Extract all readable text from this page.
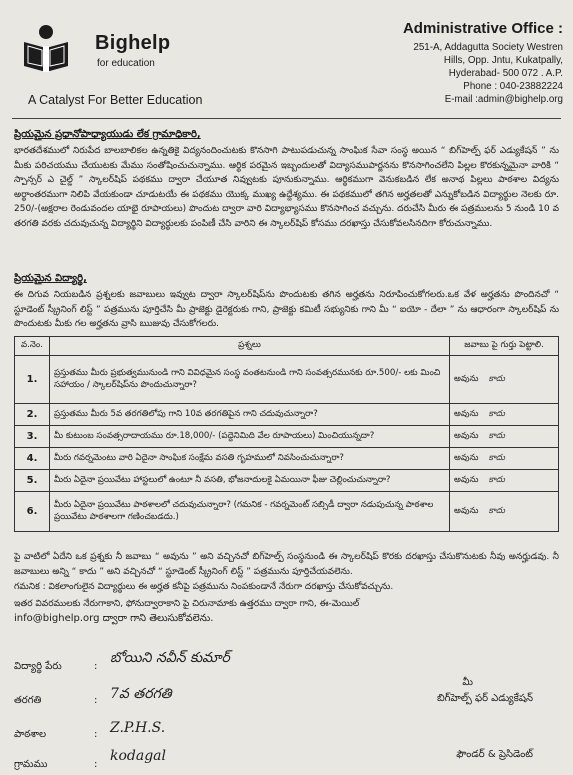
Bighelp
for education
A Catalyst For Better Education
Administrative Office :
251-A, Addagutta Society Westren
Hills, Opp. Jntu, Kukatpally,
Hyderabad- 500 072 . A.P.
Phone : 040-23882224
E-mail :admin@bighelp.org
ప్రియమైన ప్రధానోపాధ్యాయుడు లేక గ్రామాధికారి,
భారతదేశములో నిరుపేద బాలబాలికల ఉన్నతికై విద్యనందించుటకు కొనసాగి పాటుపడుచున్న సాంఘిక సేవా సంస్థ అయిన “ బిగ్‌హెల్ప్ ఫర్ ఎడ్యుకేషన్ ” ను మీకు పరిచయము చేయుటకు మేము సంతోషించుచున్నాము. ఆర్థిక పరమైన ఇబ్బందులతో విద్యాసముపార్జనను కొనసాగించలేని పిల్లల కొరకున్నమైనా వారికి “ స్పాన్సర్ ఎ చైల్డ్ ” స్కాలర్‌షిప్ పథకము ద్వారా చేయూత నివ్వుటకు పూనుకున్నాము. ఆర్థికముగా వెనుకబడిన లేక అనాథ పిల్లలు పాఠశాల విద్యను అర్థాంతరముగా నిలిపి వేయకుండా చూడుటయే ఈ పథకము యొక్క ముఖ్య ఉద్దేశ్యము. ఈ పథకములో తగిన అర్హతలతో ఎన్నుకోబడిన విద్యార్థుల నెలకు రూ. 250/-(అక్షరాల రెండువందల యాభై రూపాయలు) పొందుట ద్వారా వారి విద్యాభ్యాసము కొనసాగించ వచ్చును. దరుచేసి మీరు ఈ పత్రములను 5 నుండి 10 వ తరగతి వరకు చదువుచున్న విద్యార్థిని విద్యార్థులకు పంపిణీ చేసి వారిని ఈ స్కాలర్‌షిప్ కోసము దరఖాస్తు చేసుకోవలసినదిగా కోరుచున్నాము.
ప్రియమైన విద్యార్థి,
ఈ దిగువ నియబడిన ప్రశ్నలకు జవాబులు ఇవ్వుట ద్వారా స్కాలర్‌షిప్‌ను పొందుటకు తగిన అర్హతను నిరూపించుకోగలరు.ఒక వేళ అర్హతను పొందినచో “ స్టూడెంట్ స్క్రీనింగ్ లిస్ట్ ” పత్రమును పూర్తిచేసి మీ ప్రాజెక్టు డైరెక్టరుకు గాని, ప్రాజెక్టు కమిటీ సభ్యునికు గాని మీ “ ఐయో - దేలా ” ను ఆధారంగా స్కాలర్‌షిప్ ను పొందుటకు మీకు గల అర్హతను వ్రాసి ఋజువు చేసుకోగలరు.
వ.నెం.	ప్రశ్నలు	జవాబు పై గుర్తు పెట్టాలి.
1.	ప్రస్తుతము మీరు ప్రభుత్వమునుండి గాని వివిధమైన సంస్థ వంతటనుండి గాని సంవత్సరమునకు రూ.500/- లకు మించి సహాయం / స్కాలర్‌షిప్‌ను పొందుచున్నారా?	అవును కాదు
2.	ప్రస్తుతము మీరు 5వ తరగతిలోపు గాని 10వ తరగతిపైన గాని చదువుచున్నారా?	అవును కాదు
3.	మీ కుటుంబ సంవత్సరాదాయము రూ.18,000/- (పద్దెనిమిది వేల రూపాయలు) మించియున్నదా?	అవును కాదు
4.	మీరు గవర్నమెంటు వారి ఏదైనా సాంఘిక సంక్షేమ వసతి గృహములో నివసించుచున్నారా?	అవును కాదు
5.	మీరు ఏదైనా ప్రయివేటు హాస్టలులో ఉంటూ నీ వసతి, భోజనాదులకై ఏమయినా ఫీజు చెల్లించుచున్నారా?	అవును కాదు
6.	మీరు ఏదైనా ప్రయివేటు పాఠశాలలో చదువుచున్నారా? (గమనిక - గవర్నమెంట్ సబ్సిడీ ద్వారా నడుపుచున్న పాఠశాల ప్రయివేటు పాఠశాలగా గణించబడదు.)	అవును కాదు
పై వాటిలో ఏదేని ఒక ప్రశ్నకు నీ జవాబు “ అవును ” అని వచ్చినచో బిగ్‌హెల్ప్ సంస్థనుండి ఈ స్కాలర్‌షిప్ కొరకు దరఖాస్తు చేసుకొనుటకు నీవు అనర్హుడవు. నీ జవాబులు అన్ని “ కాదు ” అని వచ్చినచో “ స్టూడెంట్ స్క్రీనింగ్ లిస్ట్ ” పత్రమును పూర్తిచేయవలెను.
గమనిక : వికలాంగులైన విద్యార్థులు ఈ అర్హత కనీపై పత్రమును నింపకుండానే నేరుగా దరఖాస్తు చేసుకోవచ్చును.
ఇతర వివరములకు నేరుగాకాని, ఫోనుద్వారాకాని పై చిరునామాకు ఉత్తరము ద్వారా గాని, ఈ-మెయిల్
info@bighelp.org ద్వారా గాని తెలుసుకోవలెను.
విద్యార్థి పేరు	:
బోయిని నవీన్ కుమార్
తరగతి	: 7వ తరగతి
పాఠశాల	: Z.P.H.S.
గ్రామము	:
kodagal
మీ
బిగ్‌హెల్ప్ ఫర్ ఎడ్యుకేషన్
ఫౌండర్ & ప్రెసిడెంట్
